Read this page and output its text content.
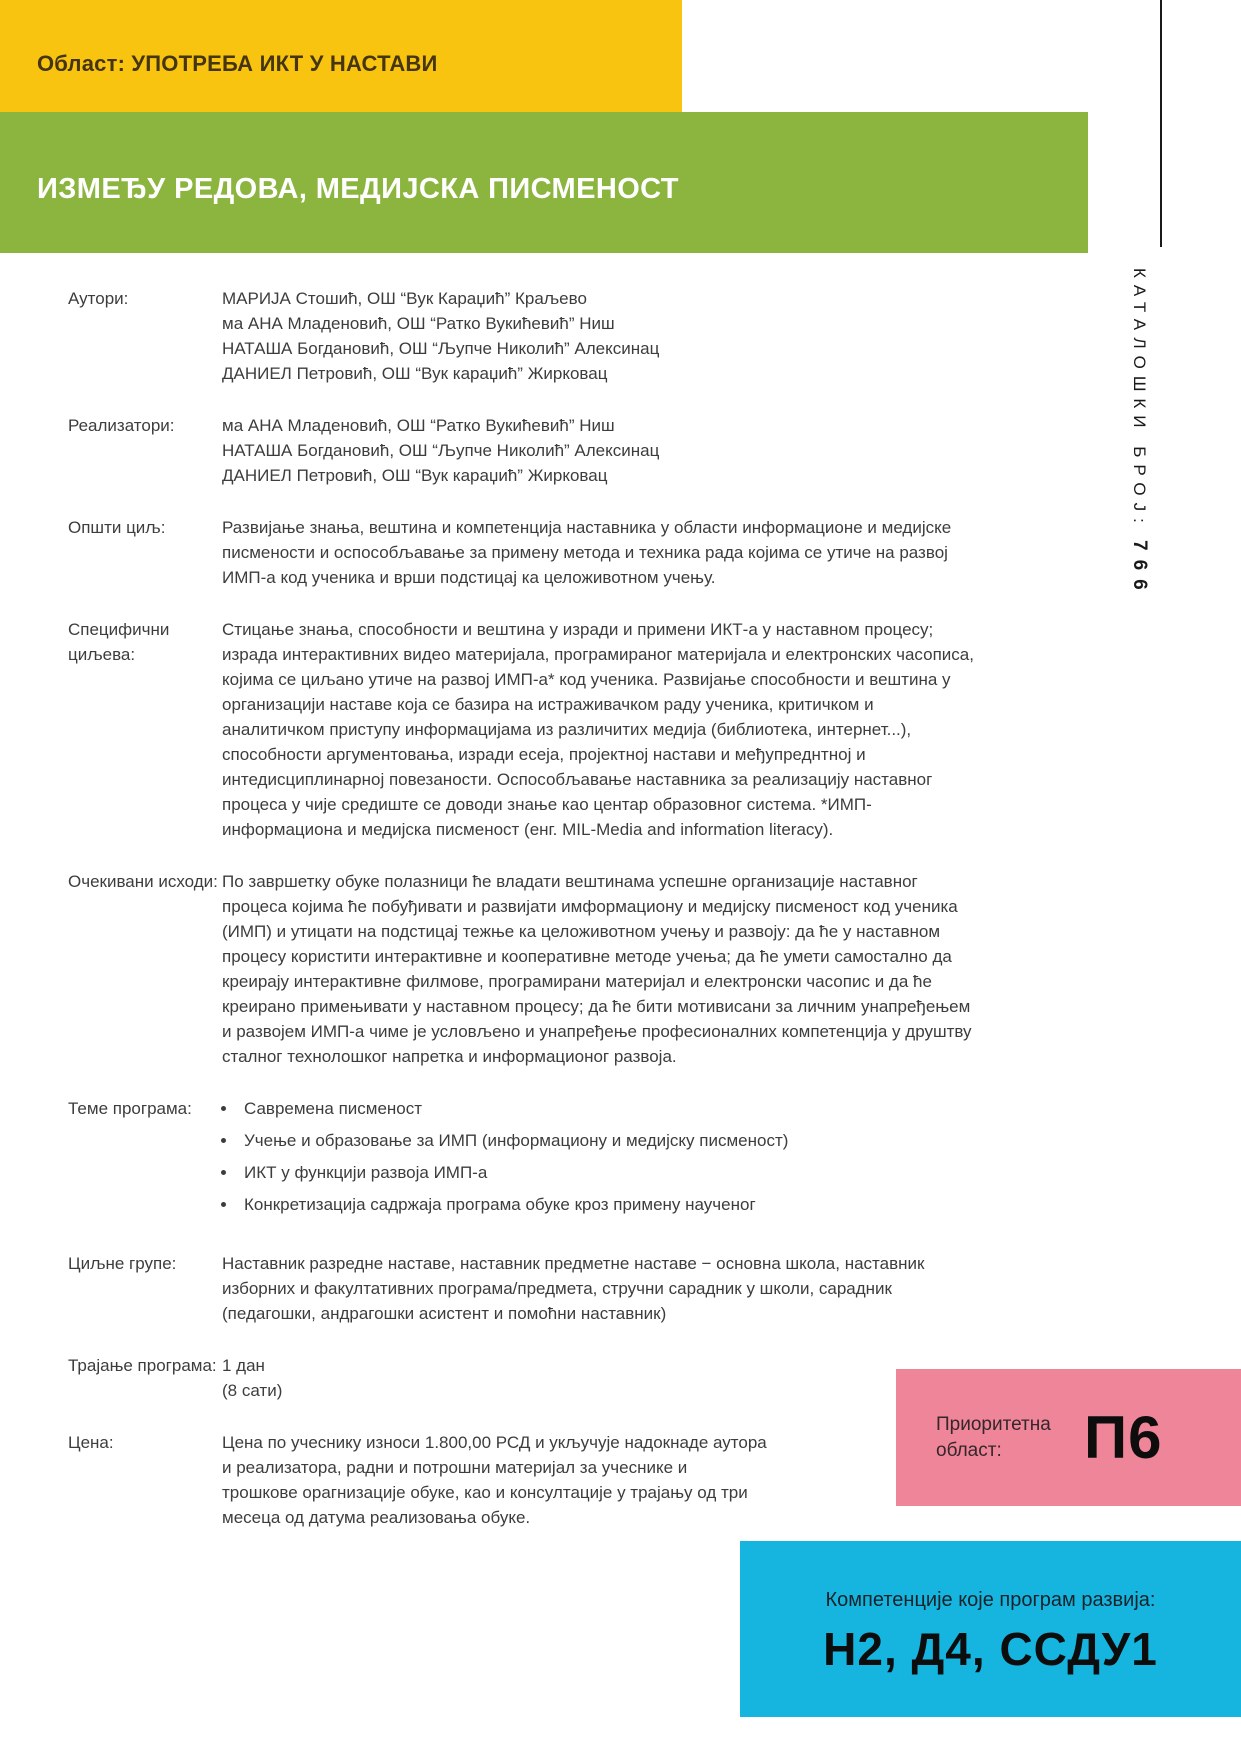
Област: УПОТРЕБА ИКТ У НАСТАВИ
ИЗМЕЂУ РЕДОВА, МЕДИЈСКА ПИСМЕНОСТ
КАТАЛОШКИ БРОЈ:766
Аутори:	МАРИЈА Стошић, ОШ “Вук Караџић” Краљево
ма АНА Младеновић, ОШ “Ратко Вукићевић” Ниш
НАТАША Богдановић, ОШ “Љупче Николић” Алексинац
ДАНИЕЛ Петровић, ОШ “Вук караџић” Жирковац
Реализатори:	ма АНА Младеновић, ОШ “Ратко Вукићевић” Ниш
НАТАША Богдановић, ОШ “Љупче Николић” Алексинац
ДАНИЕЛ Петровић, ОШ “Вук караџић” Жирковац
Општи циљ:	Развијање знања, вештина и компетенција наставника у области информационе и медијске писмености и оспособљавање за примену метода и техника рада којима се утиче на развој ИМП-а код ученика и врши подстицај ка целоживотном учењу.

Специфични циљева:

Стицање знања, способности и вештина у изради и примени ИКТ-а у наставном процесу; израда интерактивних видео материјала, програмираног материјала и електронских часописа, којима се циљано утиче на развој ИМП-а* код ученика. Развијање способности и вештина у организацији наставе која се базира на истраживачком раду ученика, критичком и аналитичком приступу информацијама из различитих медија (библиотека, интернет...), способности аргументовања, изради есеја, пројектној настави и међупреднтној и интедисциплинарној повезаности. Оспособљавање наставника за реализацију наставног процеса у чије средиште се доводи знање као центар образовног система. *ИМП-информациона и медијска писменост (енг. MIL-Media and information literacy).

Очекивани исходи: По завршетку обуке полазници ће владати вештинама успешне организације наставног процеса којима ће побуђивати и развијати имформациону и медијску писменост код ученика (ИМП) и утицати на подстицај тежње ка целоживотном учењу и развоју: да ће у наставном процесу користити интерактивне и кооперативне методе учења; да ће умети самостално да креирају интерактивне филмове, програмирани материјал и електронски часопис и да ће креирано примењивати у наставном процесу; да ће бити мотивисани за личним унапређењем и развојем ИМП-а чиме је условљено и унапређење професионалних компетенција у друштву сталног технолошког напретка и информационог развоја.

Теме програма:	• Савремена писменост
• Учење и образовање за ИМП (информациону и медијску писменост)
• ИКТ у функцији развоја ИМП-а
• Конкретизација садржаја програма обуке кроз примену наученог
Циљне групе:	Наставник разредне наставе, наставник предметне наставе − основна школа, наставник изборних и факултативних програма/предмета, стручни сарадник у школи, сарадник (педагошки, андрагошки асистент и помоћни наставник)

Трајање програма: 1 дан
(8 сати)
Цена:	Цена по учеснику износи 1.800,00 РСД и укључује надокнаде аутора и реализатора, радни и потрошни материјал за учеснике и трошкове орагнизације обуке, као и консултације у трајању од три месеца од датума реализовања обуке.

Приоритетна област:	П6
Компетенције које програм развија:
Н2, Д4, ССДУ1
